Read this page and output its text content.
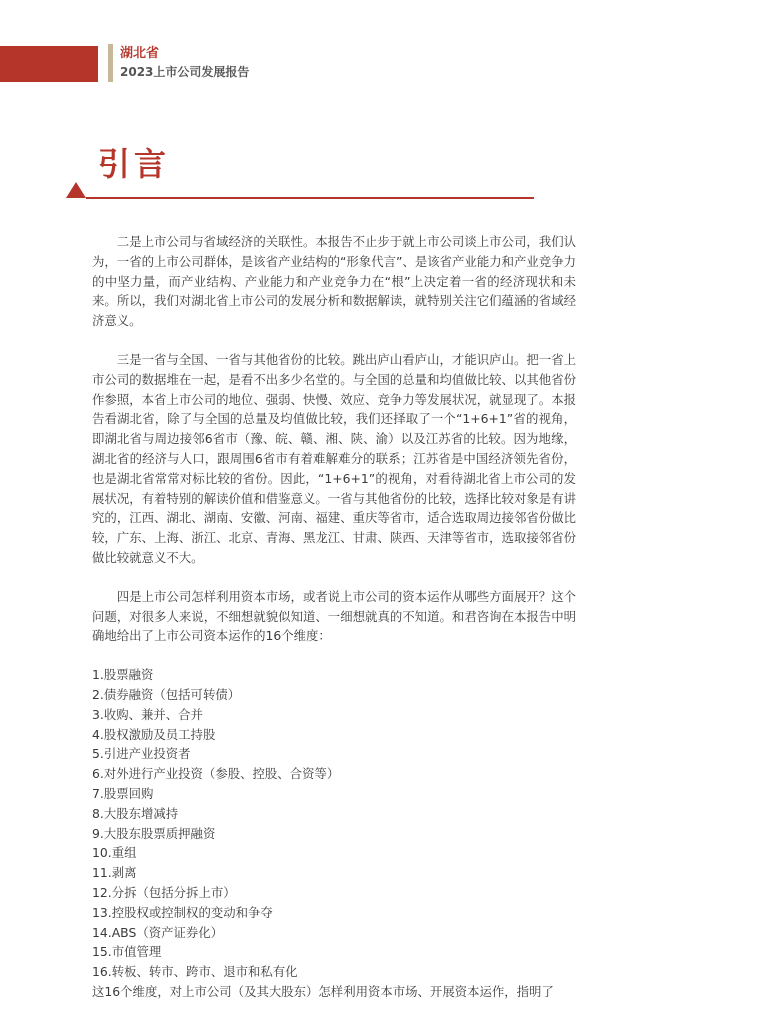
湖北省
2023上市公司发展报告
引言

二是上市公司与省域经济的关联性。本报告不止步于就上市公司谈上市公司，我们认为，一省的上市公司群体，是该省产业结构的“形象代言”、是该省产业能力和产业竞争力的中坚力量，而产业结构、产业能力和产业竞争力在“根”上决定着一省的经济现状和未来。所以，我们对湖北省上市公司的发展分析和数据解读，就特别关注它们蕴涵的省域经济意义。

三是一省与全国、一省与其他省份的比较。跳出庐山看庐山，才能识庐山。把一省上市公司的数据堆在一起，是看不出多少名堂的。与全国的总量和均值做比较、以其他省份作参照，本省上市公司的地位、强弱、快慢、效应、竞争力等发展状况，就显现了。本报告看湖北省，除了与全国的总量及均值做比较，我们还择取了一个“1+6+1”省的视角，即湖北省与周边接邻6省市（豫、皖、赣、湘、陕、渝）以及江苏省的比较。因为地缘，湖北省的经济与人口，跟周围6省市有着难解难分的联系；江苏省是中国经济领先省份，也是湖北省常常对标比较的省份。因此，“1+6+1”的视角，对看待湖北省上市公司的发展状况，有着特别的解读价值和借鉴意义。一省与其他省份的比较，选择比较对象是有讲究的，江西、湖北、湖南、安徽、河南、福建、重庆等省市，适合选取周边接邻省份做比较，广东、上海、浙江、北京、青海、黑龙江、甘肃、陕西、天津等省市，选取接邻省份做比较就意义不大。

四是上市公司怎样利用资本市场，或者说上市公司的资本运作从哪些方面展开？这个问题，对很多人来说，不细想就貌似知道、一细想就真的不知道。和君咨询在本报告中明确地给出了上市公司资本运作的16个维度：

1.股票融资
2.债券融资（包括可转债）
3.收购、兼并、合并
4.股权激励及员工持股
5.引进产业投资者
6.对外进行产业投资（参股、控股、合资等）
7.股票回购
8.大股东增减持
9.大股东股票质押融资
10.重组
11.剥离
12.分拆（包括分拆上市）
13.控股权或控制权的变动和争夺
14.ABS（资产证券化）
15.市值管理
16.转板、转市、跨市、退市和私有化

这16个维度，对上市公司（及其大股东）怎样利用资本市场、开展资本运作，指明了
